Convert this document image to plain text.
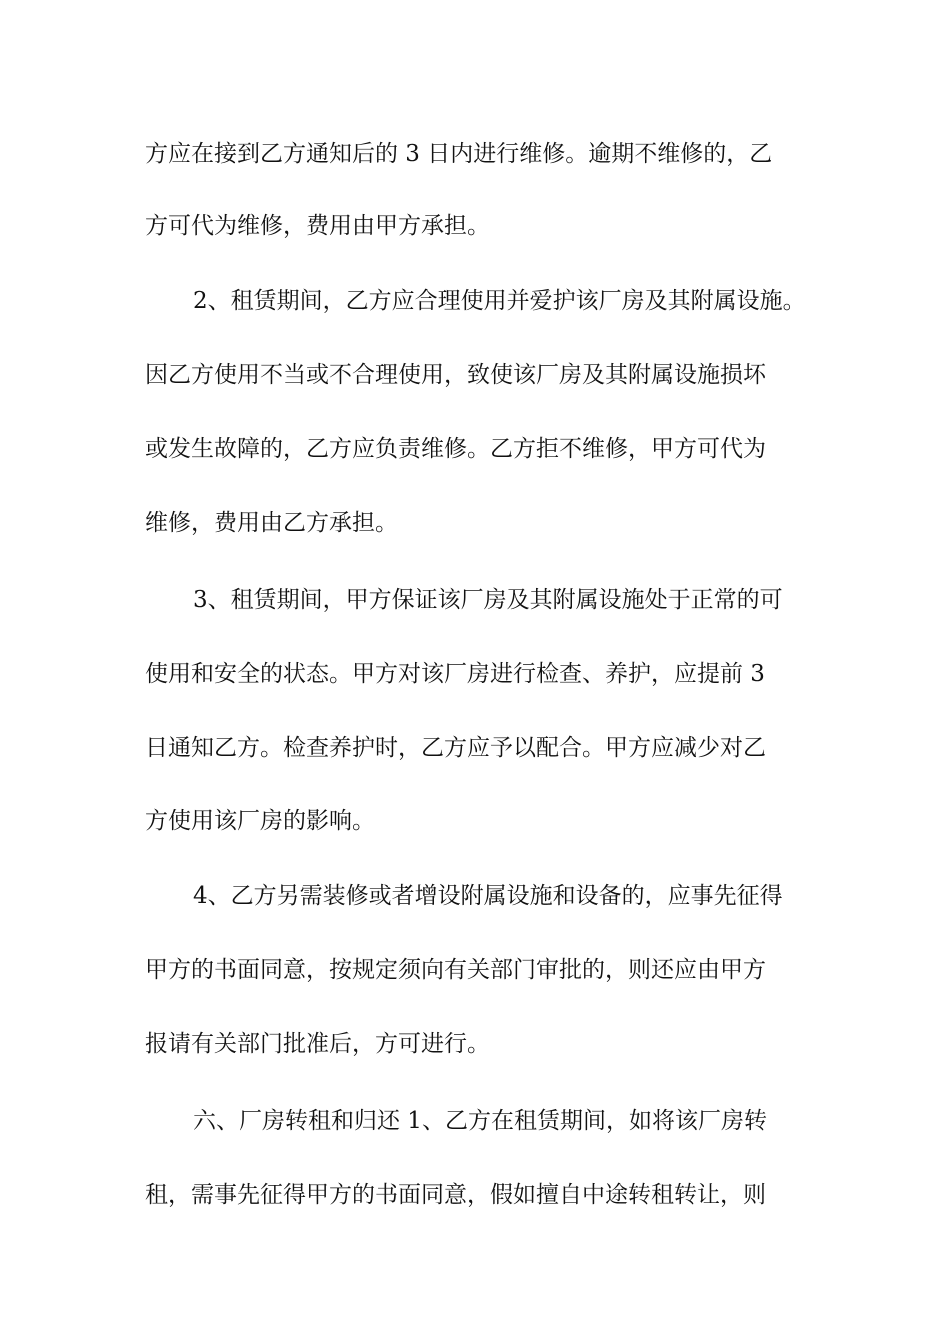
方应在接到乙方通知后的 3 日内进行维修。逾期不维修的，乙
方可代为维修，费用由甲方承担。
2、租赁期间，乙方应合理使用并爱护该厂房及其附属设施。
因乙方使用不当或不合理使用，致使该厂房及其附属设施损坏
或发生故障的，乙方应负责维修。乙方拒不维修，甲方可代为
维修，费用由乙方承担。
3、租赁期间，甲方保证该厂房及其附属设施处于正常的可
使用和安全的状态。甲方对该厂房进行检查、养护，应提前 3
日通知乙方。检查养护时，乙方应予以配合。甲方应减少对乙
方使用该厂房的影响。
4、乙方另需装修或者增设附属设施和设备的，应事先征得
甲方的书面同意，按规定须向有关部门审批的，则还应由甲方
报请有关部门批准后，方可进行。
六、厂房转租和归还 1、乙方在租赁期间，如将该厂房转
租，需事先征得甲方的书面同意，假如擅自中途转租转让，则
